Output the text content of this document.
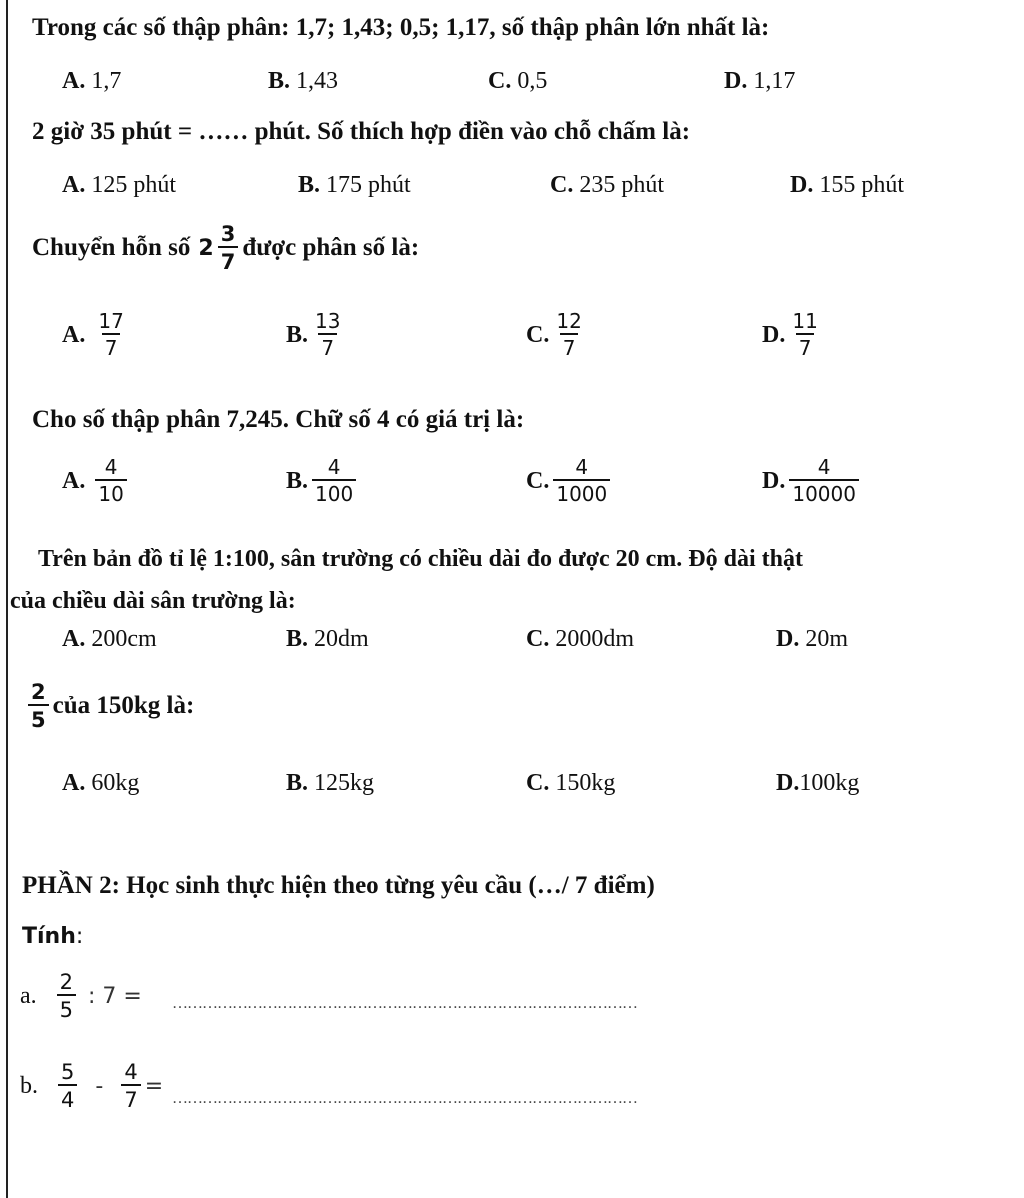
Trong các số thập phân: 1,7; 1,43; 0,5; 1,17, số thập phân lớn nhất là:
A. 1,7	B. 1,43	C. 0,5	D. 1,17
2 giờ 35 phút = …… phút. Số thích hợp điền vào chỗ chấm là:
A. 125 phút	B. 175 phút	C. 235 phút	D. 155 phút
Chuyển hỗn số $2 \frac{3}{7}$ được phân số là:
A. $\frac{17}{7}$	B. $\frac{13}{7}$	C. $\frac{12}{7}$	D. $\frac{11}{7}$
Cho số thập phân 7,245. Chữ số 4 có giá trị là:
A. $\frac{4}{10}$	B. $\frac{4}{100}$	C. $\frac{4}{1000}$	D. $\frac{4}{10000}$
Trên bản đồ tỉ lệ 1:100, sân trường có chiều dài đo được 20 cm. Độ dài thật
của chiều dài sân trường là:
A. 200cm	B. 20dm	C. 2000dm	D. 20m
$\frac{2}{5}$ của 150kg là:
A. 60kg	B. 125kg	C. 150kg	D.100kg
PHẦN 2: Học sinh thực hiện theo từng yêu cầu (…/ 7 điểm)
Tính:
a. $\frac{2}{5}$ : 7 = …………………………………………………………………………………
b. $\frac{5}{4} - \frac{4}{7}$ = …………………………………………………………………………………
